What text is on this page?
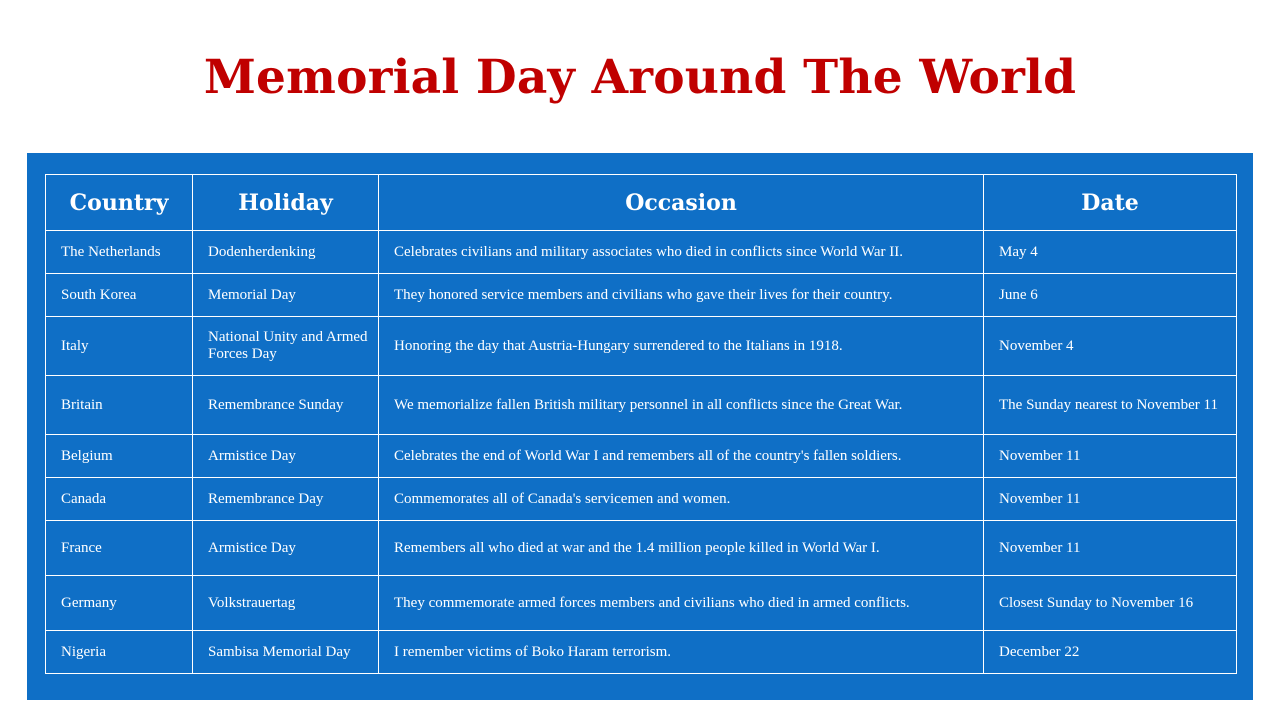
Memorial Day Around The World
Country	Holiday	Occasion	Date
The Netherlands	Dodenherdenking	Celebrates civilians and military associates who died in conflicts since World War II.	May 4
South Korea	Memorial Day	They honored service members and civilians who gave their lives for their country.	June 6
Italy	National Unity and Armed Forces Day	Honoring the day that Austria-Hungary surrendered to the Italians in 1918.	November 4
Britain	Remembrance Sunday	We memorialize fallen British military personnel in all conflicts since the Great War.	The Sunday nearest to November 11
Belgium	Armistice Day	Celebrates the end of World War I and remembers all of the country's fallen soldiers.	November 11
Canada	Remembrance Day	Commemorates all of Canada's servicemen and women.	November 11
France	Armistice Day	Remembers all who died at war and the 1.4 million people killed in World War I.	November 11
Germany	Volkstrauertag	They commemorate armed forces members and civilians who died in armed conflicts.	Closest Sunday to November 16
Nigeria	Sambisa Memorial Day	I remember victims of Boko Haram terrorism.	December 22
